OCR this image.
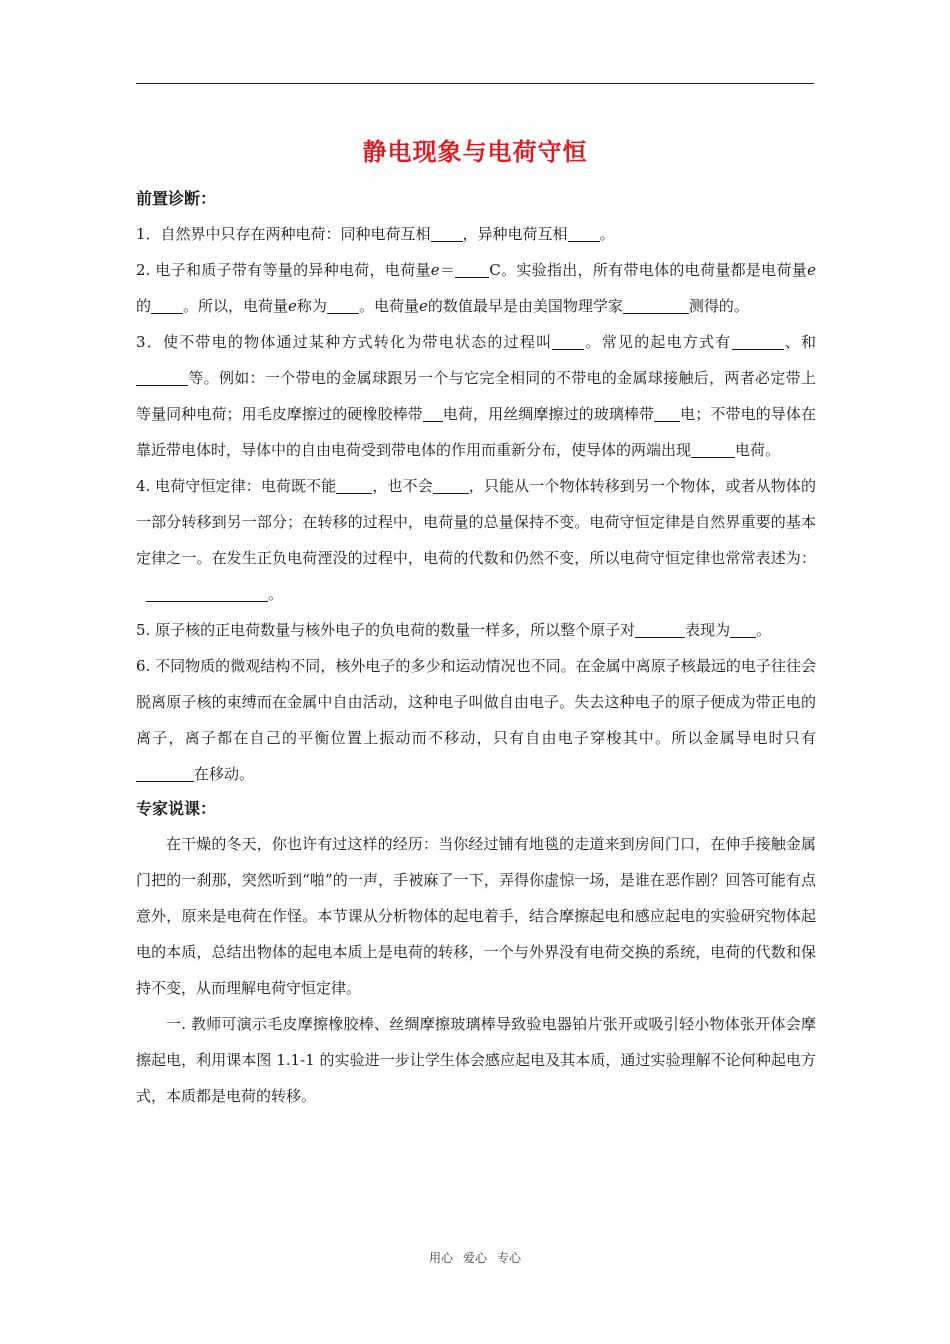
静电现象与电荷守恒
前置诊断：
1．自然界中只存在两种电荷：同种电荷互相 ，异种电荷互相 。
2. 电子和质子带有等量的异种电荷，电荷量e＝ C。实验指出，所有带电体的电荷量都是电荷量e的 。所以，电荷量e称为 。电荷量e的数值最早是由美国物理学家	测得的。
3．使不带电的物体通过某种方式转化为带电状态的过程叫 。常见的起电方式有	、和等。例如：一个带电的金属球跟另一个与它完全相同的不带电的金属球接触后，两者必定带上等量同种电荷；用毛皮摩擦过的硬橡胶棒带 电荷，用丝绸摩擦过的玻璃棒带 电；不带电的导体在靠近带电体时，导体中的自由电荷受到带电体的作用而重新分布，使导体的两端出现	电荷。
4. 电荷守恒定律：电荷既不能 ，也不会 ，只能从一个物体转移到另一个物体，或者从物体的一部分转移到另一部分；在转移的过程中，电荷量的总量保持不变。电荷守恒定律是自然界重要的基本定律之一。在发生正负电荷湮没的过程中，电荷的代数和仍然不变，所以电荷守恒定律也常常表述为：。
5. 原子核的正电荷数量与核外电子的负电荷的数量一样多，所以整个原子对	表现为 。
6. 不同物质的微观结构不同，核外电子的多少和运动情况也不同。在金属中离原子核最远的电子往往会脱离原子核的束缚而在金属中自由活动，这种电子叫做自由电子。失去这种电子的原子便成为带正电的离子，离子都在自己的平衡位置上振动而不移动，只有自由电子穿梭其中。所以金属导电时只有在移动。
专家说课：
在干燥的冬天，你也许有过这样的经历：当你经过铺有地毯的走道来到房间门口，在伸手接触金属门把的一刹那，突然听到“啪”的一声，手被麻了一下，弄得你虚惊一场，是谁在恶作剧？回答可能有点意外，原来是电荷在作怪。本节课从分析物体的起电着手，结合摩擦起电和感应起电的实验研究物体起电的本质，总结出物体的起电本质上是电荷的转移，一个与外界没有电荷交换的系统，电荷的代数和保持不变，从而理解电荷守恒定律。
一. 教师可演示毛皮摩擦橡胶棒、丝绸摩擦玻璃棒导致验电器铂片张开或吸引轻小物体张开体会摩擦起电，利用课本图 1.1-1 的实验进一步让学生体会感应起电及其本质，通过实验理解不论何种起电方式，本质都是电荷的转移。
用心 爱心 专心
